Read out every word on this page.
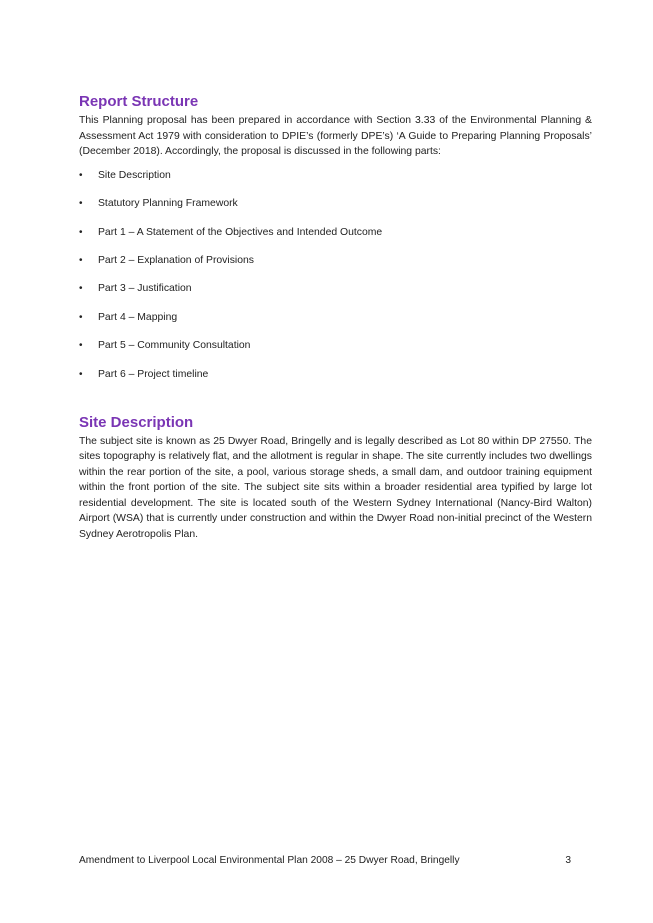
Report Structure

This Planning proposal has been prepared in accordance with Section 3.33 of the Environmental Planning & Assessment Act 1979 with consideration to DPIE’s (formerly DPE’s) ‘A Guide to Preparing Planning Proposals’ (December 2018). Accordingly, the proposal is discussed in the following parts:

• Site Description
• Statutory Planning Framework
• Part 1 – A Statement of the Objectives and Intended Outcome
• Part 2 – Explanation of Provisions
• Part 3 – Justification
• Part 4 – Mapping
• Part 5 – Community Consultation
• Part 6 – Project timeline
Site Description

The subject site is known as 25 Dwyer Road, Bringelly and is legally described as Lot 80 within DP 27550. The sites topography is relatively flat, and the allotment is regular in shape. The site currently includes two dwellings within the rear portion of the site, a pool, various storage sheds, a small dam, and outdoor training equipment within the front portion of the site. The subject site sits within a broader residential area typified by large lot residential development. The site is located south of the Western Sydney International (Nancy-Bird Walton) Airport (WSA) that is currently under construction and within the Dwyer Road non-initial precinct of the Western Sydney Aerotropolis Plan.

Amendment to Liverpool Local Environmental Plan 2008 – 25 Dwyer Road, Bringelly	3
